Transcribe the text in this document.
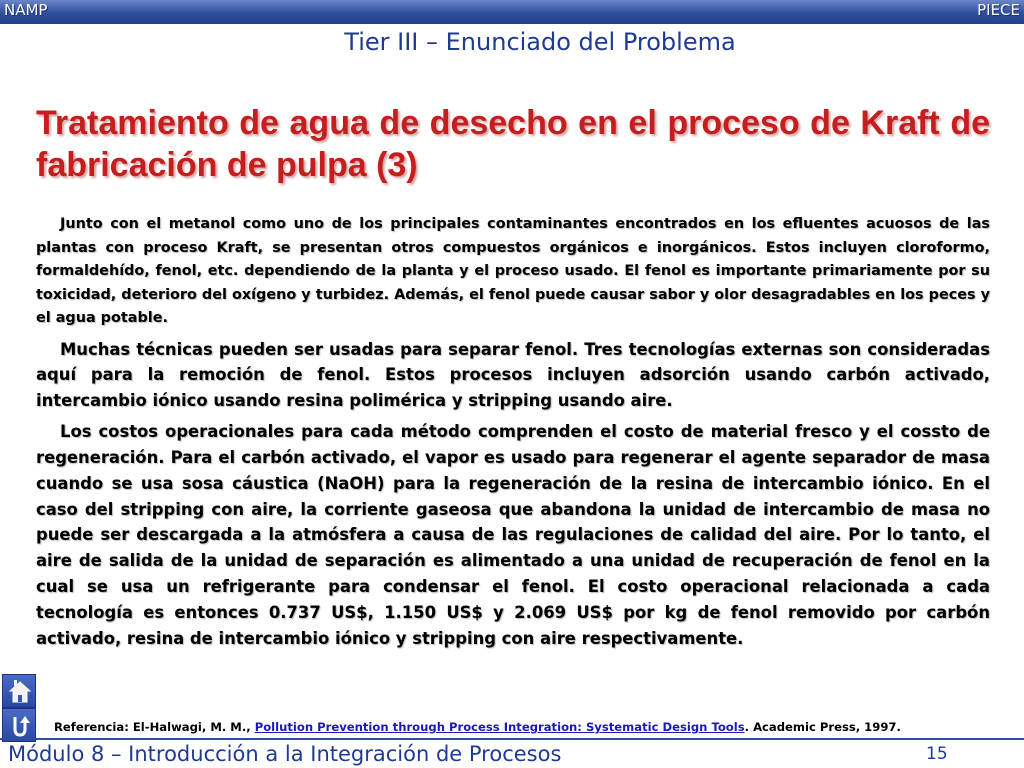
NAMP	PIECE
Tier III – Enunciado del Problema
Tratamiento de agua de desecho en el proceso de Kraft de fabricación de pulpa (3)

Junto con el metanol como uno de los principales contaminantes encontrados en los efluentes acuosos de las plantas con proceso Kraft, se presentan otros compuestos orgánicos e inorgánicos. Estos incluyen cloroformo, formaldehído, fenol, etc. dependiendo de la planta y el proceso usado. El fenol es importante primariamente por su toxicidad, deterioro del oxígeno y turbidez. Además, el fenol puede causar sabor y olor desagradables en los peces y el agua potable.

Muchas técnicas pueden ser usadas para separar fenol. Tres tecnologías externas son consideradas aquí para la remoción de fenol. Estos procesos incluyen adsorción usando carbón activado, intercambio iónico usando resina polimérica y stripping usando aire.

Los costos operacionales para cada método comprenden el costo de material fresco y el cossto de regeneración. Para el carbón activado, el vapor es usado para regenerar el agente separador de masa cuando se usa sosa cáustica (NaOH) para la regeneración de la resina de intercambio iónico. En el caso del stripping con aire, la corriente gaseosa que abandona la unidad de intercambio de masa no puede ser descargada a la atmósfera a causa de las regulaciones de calidad del aire. Por lo tanto, el aire de salida de la unidad de separación es alimentado a una unidad de recuperación de fenol en la cual se usa un refrigerante para condensar el fenol. El costo operacional relacionada a cada tecnología es entonces 0.737 US$, 1.150 US$ y 2.069 US$ por kg de fenol removido por carbón activado, resina de intercambio iónico y stripping con aire respectivamente.

Referencia: El-Halwagi, M. M., Pollution Prevention through Process Integration: Systematic Design Tools. Academic Press, 1997.
Módulo 8 – Introducción a la Integración de Procesos	15
